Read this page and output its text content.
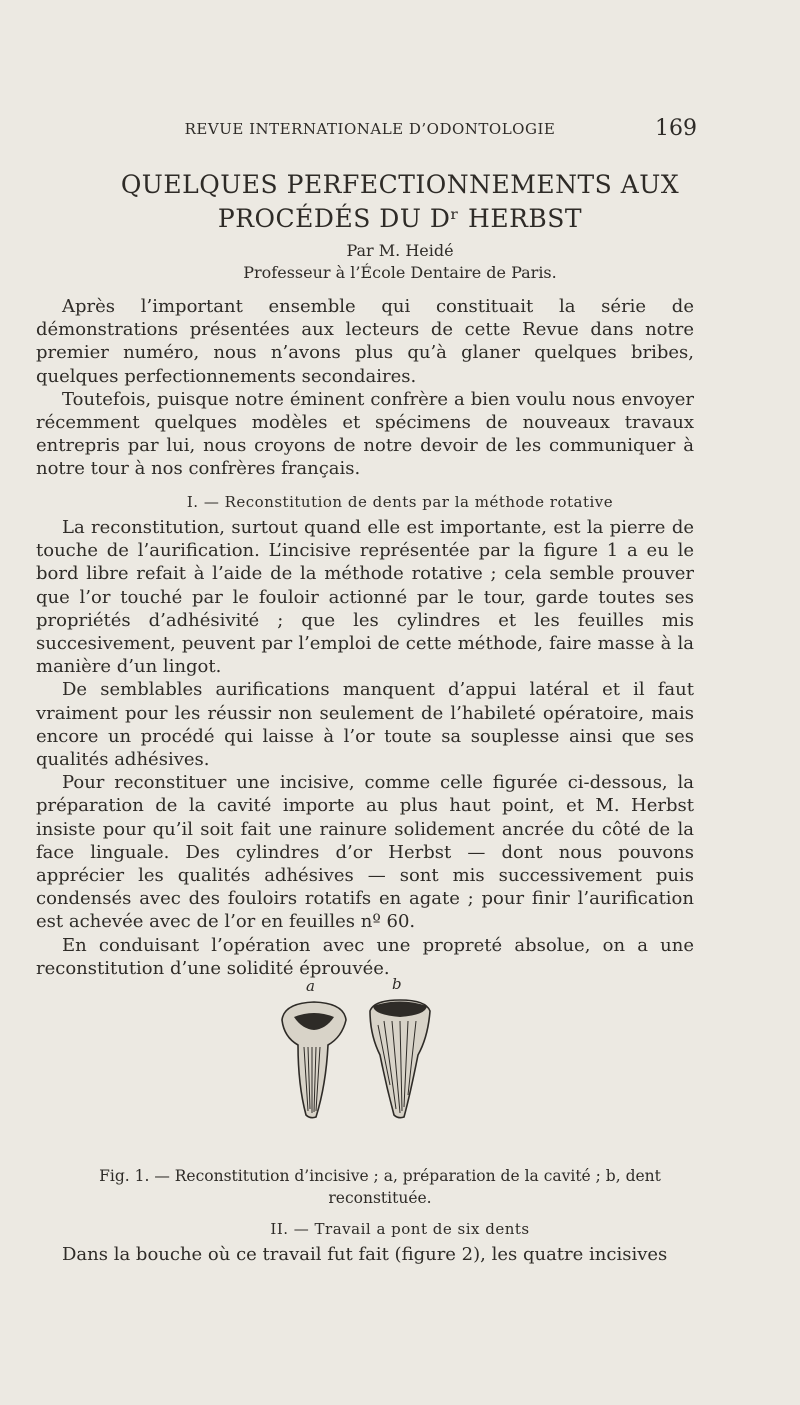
REVUE INTERNATIONALE D’ODONTOLOGIE	169
QUELQUES PERFECTIONNEMENTS AUX
PROCÉDÉS DU Dʳ HERBST
Par M. Heidé
Professeur à l’École Dentaire de Paris.

Après l’important ensemble qui constituait la série de démonstrations présentées aux lecteurs de cette Revue dans notre premier numéro, nous n’avons plus qu’à glaner quelques bribes, quelques perfectionnements secondaires.

Toutefois, puisque notre éminent confrère a bien voulu nous envoyer récemment quelques modèles et spécimens de nouveaux travaux entrepris par lui, nous croyons de notre devoir de les communiquer à notre tour à nos confrères français.

I. — Reconstitution de dents par la méthode rotative

La reconstitution, surtout quand elle est importante, est la pierre de touche de l’aurification. L’incisive représentée par la figure 1 a eu le bord libre refait à l’aide de la méthode rotative ; cela semble prouver que l’or touché par le fouloir actionné par le tour, garde toutes ses propriétés d’adhésivité ; que les cylindres et les feuilles mis succesivement, peuvent par l’emploi de cette méthode, faire masse à la manière d’un lingot.

De semblables aurifications manquent d’appui latéral et il faut vraiment pour les réussir non seulement de l’habileté opératoire, mais encore un procédé qui laisse à l’or toute sa souplesse ainsi que ses qualités adhésives.

Pour reconstituer une incisive, comme celle figurée ci-dessous, la préparation de la cavité importe au plus haut point, et M. Herbst insiste pour qu’il soit fait une rainure solidement ancrée du côté de la face linguale. Des cylindres d’or Herbst — dont nous pouvons apprécier les qualités adhésives — sont mis successivement puis condensés avec des fouloirs rotatifs en agate ; pour finir l’aurification est achevée avec de l’or en feuilles nº 60.

En conduisant l’opération avec une propreté absolue, on a une reconstitution d’une solidité éprouvée.

a	b
Fig. 1. — Reconstitution d’incisive ; a, préparation de la cavité ; b, dent
reconstituée.
II. — Travail a pont de six dents

Dans la bouche où ce travail fut fait (figure 2), les quatre incisives
